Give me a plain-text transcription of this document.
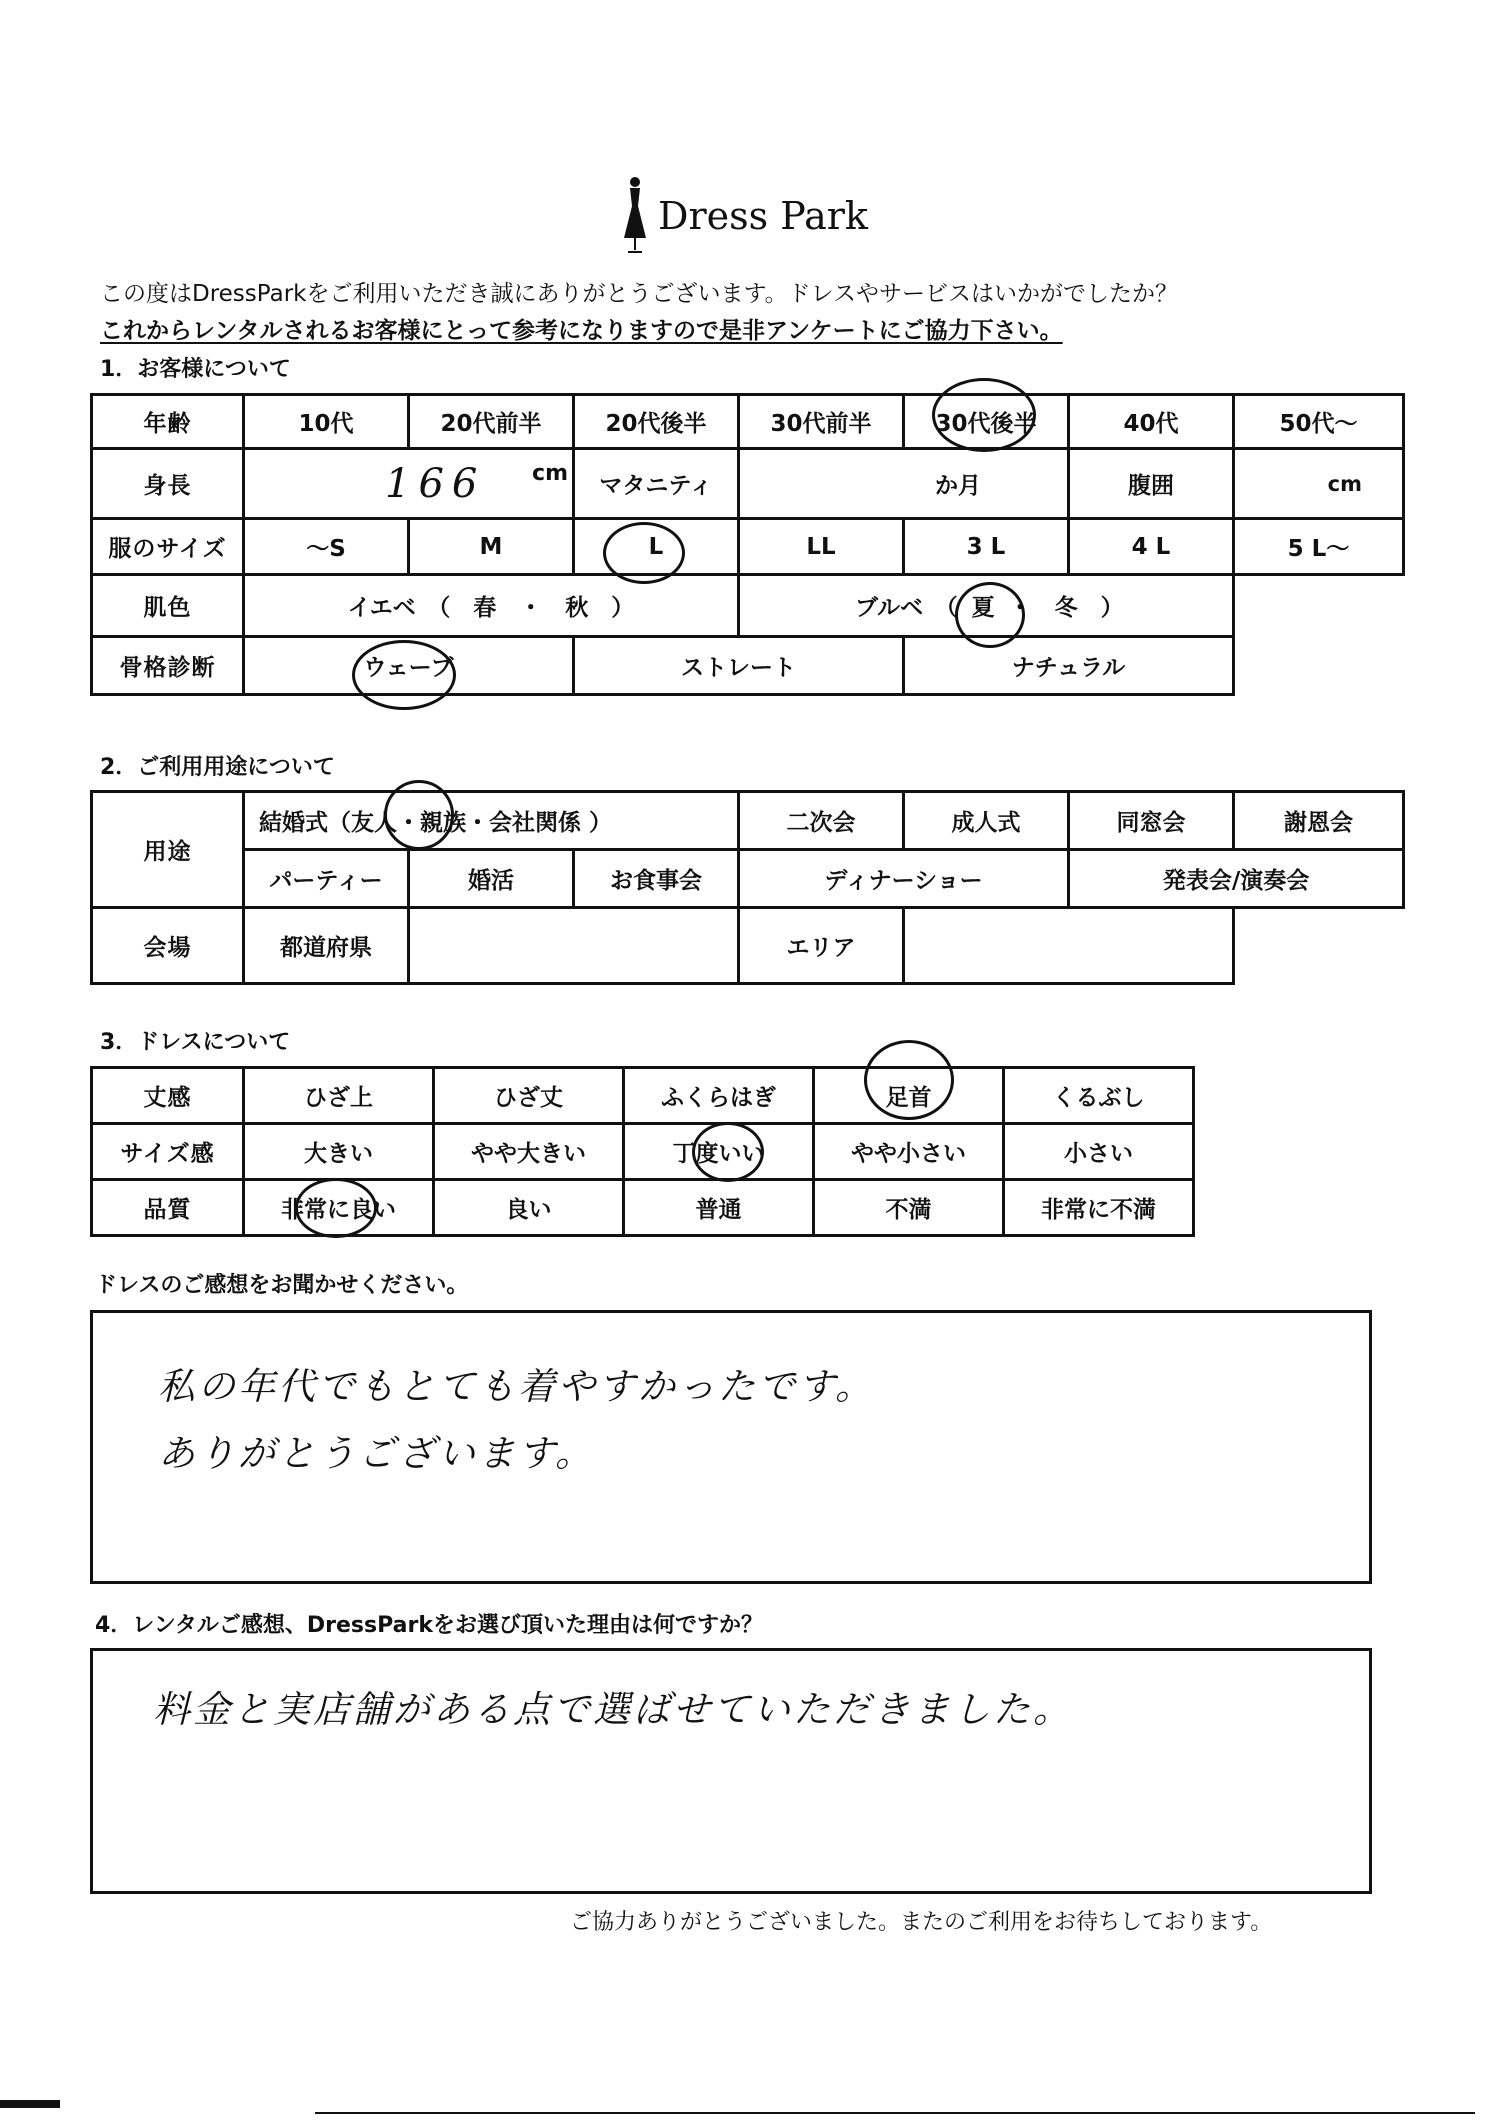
Dress Park
この度はDressParkをご利用いただき誠にありがとうございます。ドレスやサービスはいかがでしたか？
これからレンタルされるお客様にとって参考になりますので是非アンケートにご協力下さい。
1．お客様について
年齢	10代	20代前半	20代後半	30代前半	30代後半	40代	50代～
身長	166 cm		マタニティ	か月		腹囲	cm
服のサイズ	～S	M	L	LL	3 L	4 L	5 L～
肌色	イエベ　（　春　・　秋　）			ブルベ　（ 夏 ・　冬　）			
骨格診断	ウェーブ		ストレート		ナチュラル		
2．ご利用用途について
用途	結婚式（友人・親族・会社関係 ）			二次会	成人式	同窓会	謝恩会
	パーティー	婚活	お食事会	ディナーショー		発表会/演奏会	
会場	都道府県			エリア			
3．ドレスについて
丈感	ひざ上	ひざ丈	ふくらはぎ	足首	くるぶし
サイズ感	大きい	やや大きい	丁度いい	やや小さい	小さい
品質	非常に良い	良い	普通	不満	非常に不満
ドレスのご感想をお聞かせください。
私の年代でもとても着やすかったです。
ありがとうございます。
4．レンタルご感想、DressParkをお選び頂いた理由は何ですか？
料金と実店舗がある点で選ばせていただきました。
ご協力ありがとうございました。またのご利用をお待ちしております。
